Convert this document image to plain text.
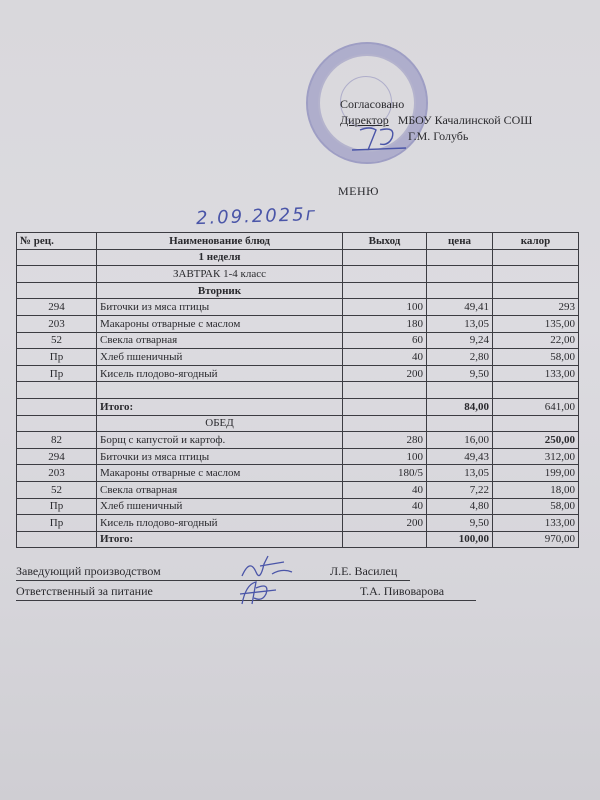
Согласовано
Директор МБОУ Качалинской СОШ
Г.М. Голубь
МЕНЮ
2.09.2025г
№ рец.	Наименование блюд	Выход	цена	калор
	1 неделя			
	ЗАВТРАК 1-4 класс			
	Вторник			
294	Биточки из мяса птицы	100	49,41	293
203	Макароны отварные с маслом	180	13,05	135,00
52	Свекла отварная	60	9,24	22,00
Пр	Хлеб пшеничный	40	2,80	58,00
Пр	Кисель плодово-ягодный	200	9,50	133,00

	Итого:		84,00	641,00
	ОБЕД			
82	Борщ с капустой и картоф.	280	16,00	250,00
294	Биточки из мяса птицы	100	49,43	312,00
203	Макароны отварные с маслом	180/5	13,05	199,00
52	Свекла отварная	40	7,22	18,00
Пр	Хлеб пшеничный	40	4,80	58,00
Пр	Кисель плодово-ягодный	200	9,50	133,00
	Итого:		100,00	970,00
Заведующий производством	Л.Е. Василец
Ответственный за питание	Т.А. Пивоварова
